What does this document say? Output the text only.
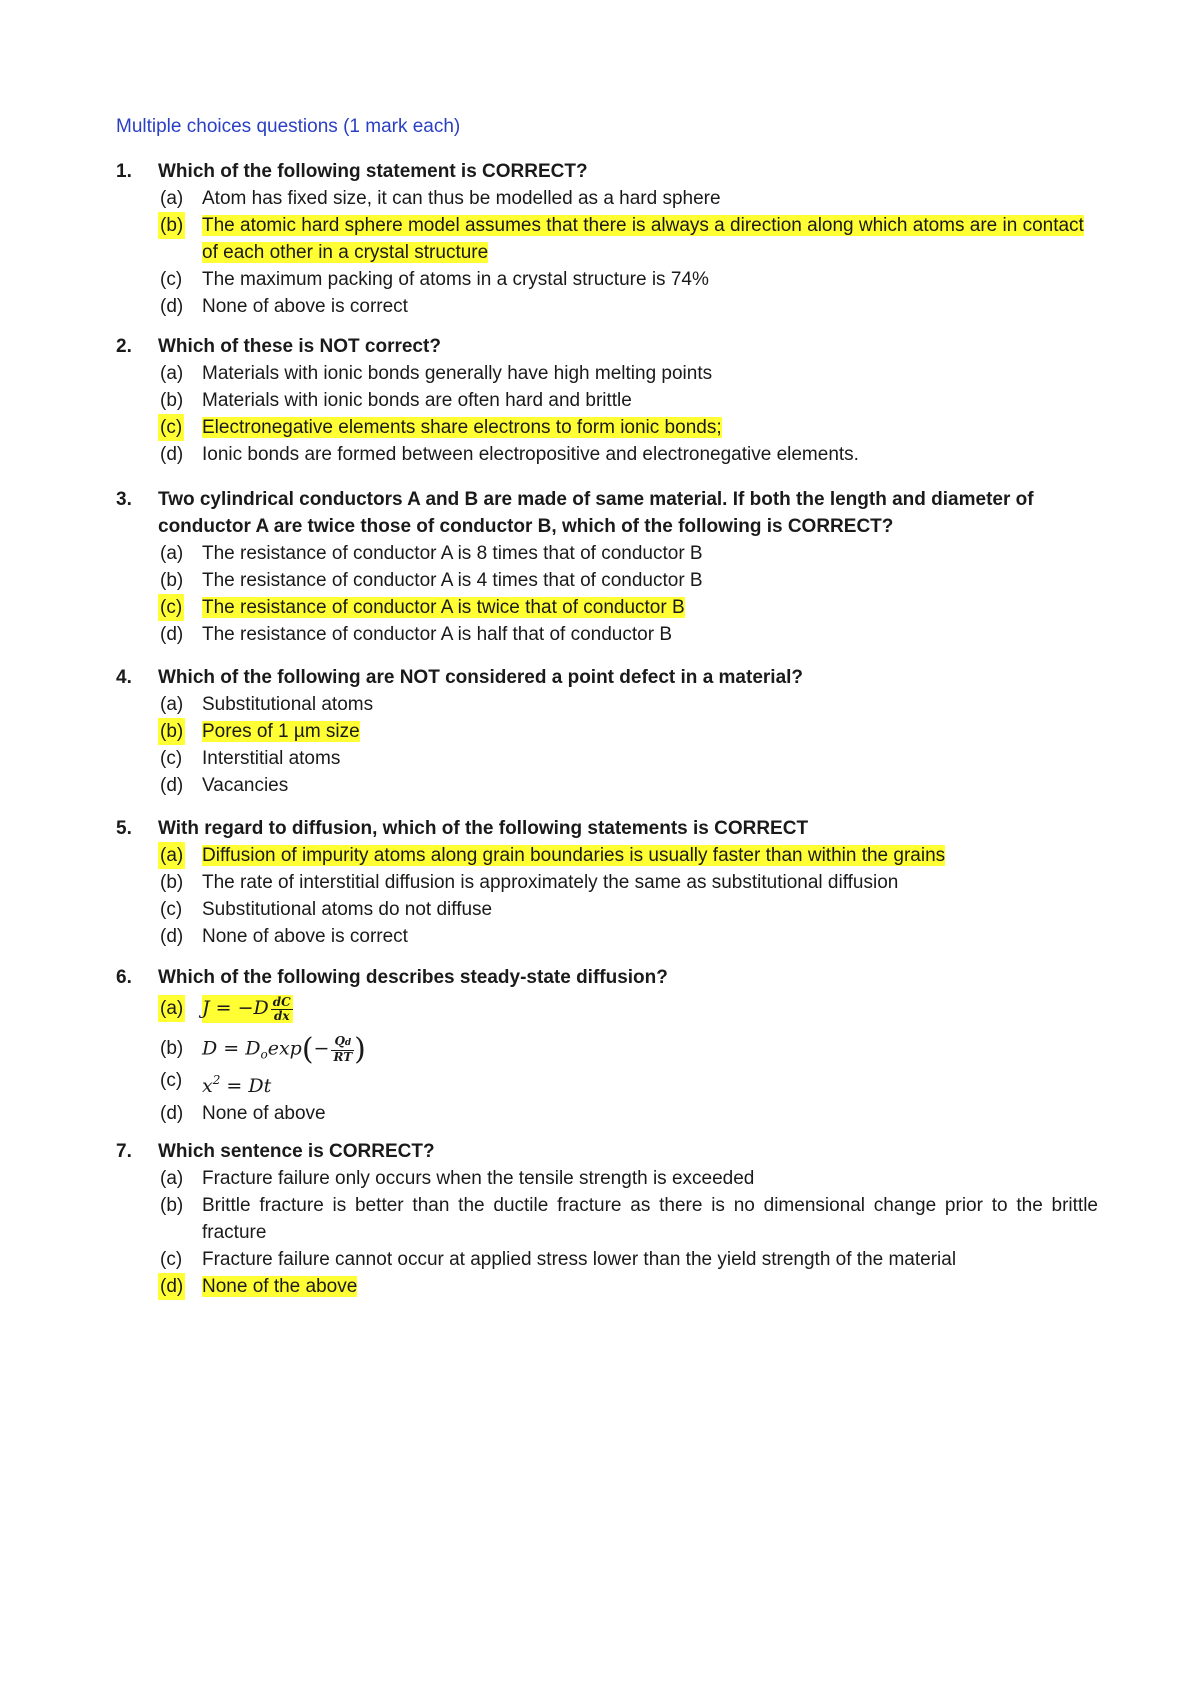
Multiple choices questions (1 mark each)
1. Which of the following statement is CORRECT?
(a) Atom has fixed size, it can thus be modelled as a hard sphere
(b) The atomic hard sphere model assumes that there is always a direction along which atoms are in contact of each other in a crystal structure
(c) The maximum packing of atoms in a crystal structure is 74%
(d) None of above is correct
2. Which of these is NOT correct?
(a) Materials with ionic bonds generally have high melting points
(b) Materials with ionic bonds are often hard and brittle
(c) Electronegative elements share electrons to form ionic bonds;
(d) Ionic bonds are formed between electropositive and electronegative elements.
3. Two cylindrical conductors A and B are made of same material. If both the length and diameter of conductor A are twice those of conductor B, which of the following is CORRECT?
(a) The resistance of conductor A is 8 times that of conductor B
(b) The resistance of conductor A is 4 times that of conductor B
(c) The resistance of conductor A is twice that of conductor B
(d) The resistance of conductor A is half that of conductor B
4. Which of the following are NOT considered a point defect in a material?
(a) Substitutional atoms
(b) Pores of 1 µm size
(c) Interstitial atoms
(d) Vacancies
5. With regard to diffusion, which of the following statements is CORRECT
(a) Diffusion of impurity atoms along grain boundaries is usually faster than within the grains
(b) The rate of interstitial diffusion is approximately the same as substitutional diffusion
(c) Substitutional atoms do not diffuse
(d) None of above is correct
6. Which of the following describes steady-state diffusion?
(a) $J = -D \frac{dC}{dx}$
(b) $D = D_o\exp(- \frac{Qd}{RT}$ )
(c) $x^2 = Dt$
(d) None of above
7. Which sentence is CORRECT?
(a) Fracture failure only occurs when the tensile strength is exceeded
(b) Brittle fracture is better than the ductile fracture as there is no dimensional change prior to the brittle fracture
(c) Fracture failure cannot occur at applied stress lower than the yield strength of the material
(d) None of the above
